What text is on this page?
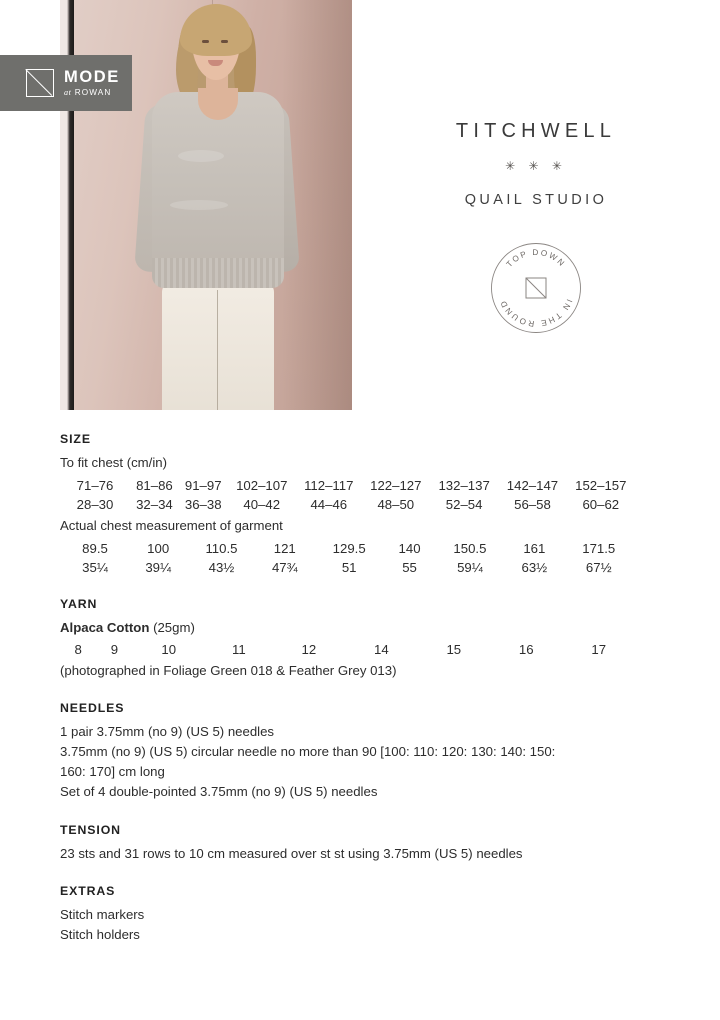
MODE
at ROWAN
TITCHWELL
✳ ✳ ✳
QUAIL STUDIO
TOP DOWN
IN THE ROUND
SIZE
To fit chest (cm/in)
71–76	81–86	91–97	102–107	112–117	122–127	132–137	142–147	152–157
28–30	32–34	36–38	40–42	44–46	48–50	52–54	56–58	60–62
Actual chest measurement of garment
89.5	100	110.5	121	129.5	140	150.5	161	171.5
35¼	39¼	43½	47¾	51	55	59¼	63½	67½
YARN
Alpaca Cotton (25gm)
8	9	10	11	12	14	15	16	17
(photographed in Foliage Green 018 & Feather Grey 013)
NEEDLES
1 pair 3.75mm (no 9) (US 5) needles
3.75mm (no 9) (US 5) circular needle no more than 90 [100: 110: 120: 130: 140: 150:
160: 170] cm long
Set of 4 double-pointed 3.75mm (no 9) (US 5) needles
TENSION
23 sts and 31 rows to 10 cm measured over st st using 3.75mm (US 5) needles
EXTRAS
Stitch markers
Stitch holders
